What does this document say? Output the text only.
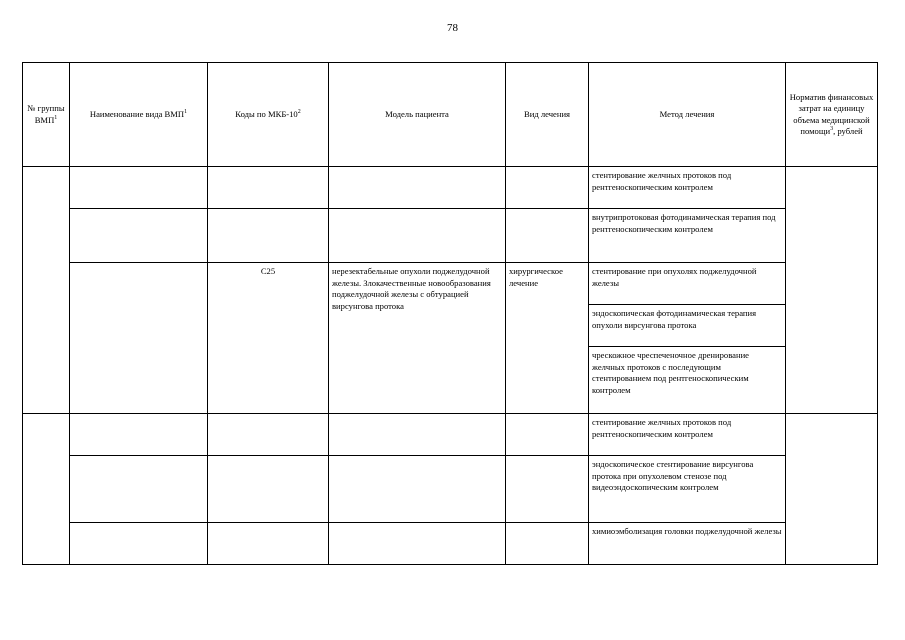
78
№ группы ВМП$^1$	Наименование вида ВМП$^1$	Коды по МКБ-$10^2$	Модель пациента	Вид лечения	Метод лечения	Норматив финансовых затрат на единицу объема медицинской помощи$^3$, рублей
					стентирование желчных протоков под рентгеноскопическим контролем	
					внутрипротоковая фотодинамическая терапия под рентгеноскопическим контролем	
		C25	нерезектабельные опухоли поджелудочной железы. Злокачественные новообразования поджелудочной железы с обтурацией вирсунгова протока	хирургическое лечение	стентирование при опухолях поджелудочной железы	
					эндоскопическая фотодинамическая терапия опухоли вирсунгова протока	
					чрескожное чреспеченочное дренирование желчных протоков с последующим стентированием под рентгеноскопическим контролем	
					стентирование желчных протоков под рентгеноскопическим контролем	
					эндоскопическое стентирование вирсунгова протока при опухолевом стенозе под видеоэндоскопическим контролем	
					химиоэмболизация головки поджелудочной железы	
